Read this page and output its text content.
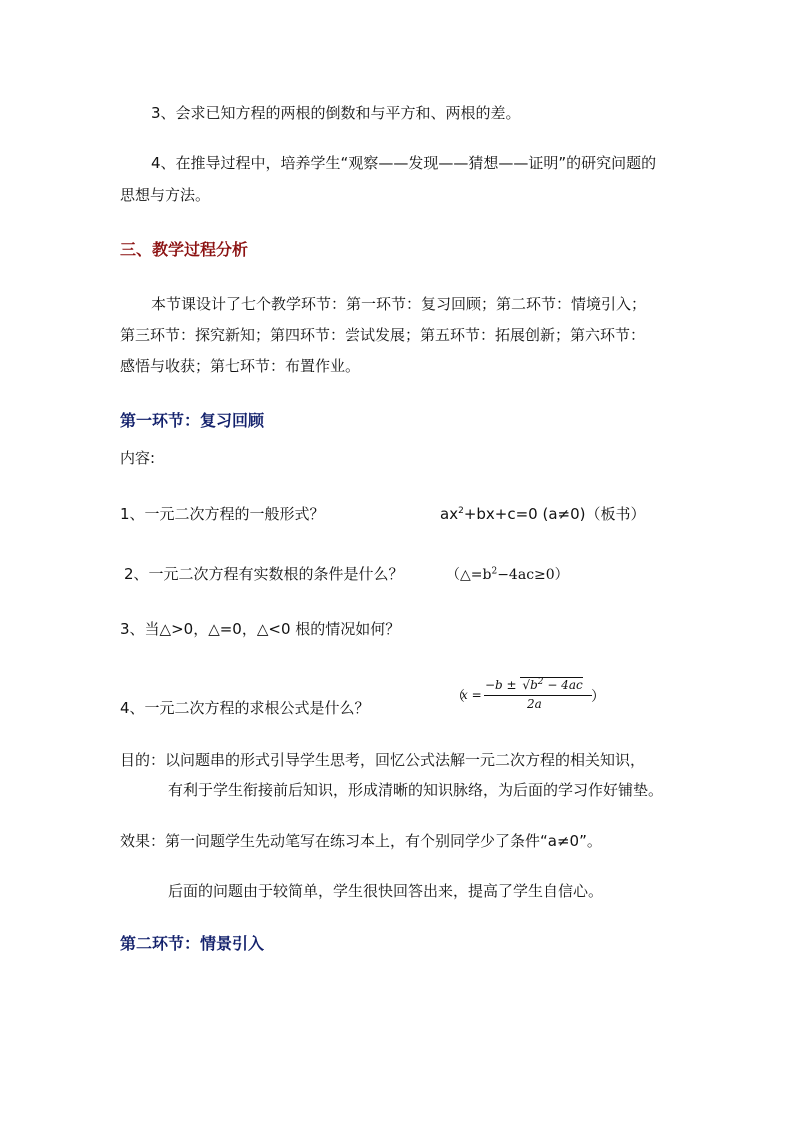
3、会求已知方程的两根的倒数和与平方和、两根的差。
4、在推导过程中，培养学生“观察——发现——猜想——证明”的研究问题的
思想与方法。
三、教学过程分析
本节课设计了七个教学环节：第一环节：复习回顾；第二环节：情境引入；
第三环节：探究新知；第四环节：尝试发展；第五环节：拓展创新；第六环节：
感悟与收获；第七环节：布置作业。
第一环节：复习回顾
内容:
1、一元二次方程的一般形式？	$ax^2+bx+c=0$ (a≠0)（板书）
2、一元二次方程有实数根的条件是什么？	$(\triangle=b^2-4ac\ge 0)$
3、当△>0，△=0，△<0 根的情况如何？
4、一元二次方程的求根公式是什么？
（
x =
$-b \pm √b^2 - 4ac$
2a	）
目的：以问题串的形式引导学生思考，回忆公式法解一元二次方程的相关知识，
有利于学生衔接前后知识，形成清晰的知识脉络，为后面的学习作好铺垫。
效果：第一问题学生先动笔写在练习本上，有个别同学少了条件“a≠0”。
后面的问题由于较简单，学生很快回答出来，提高了学生自信心。
第二环节：情景引入
